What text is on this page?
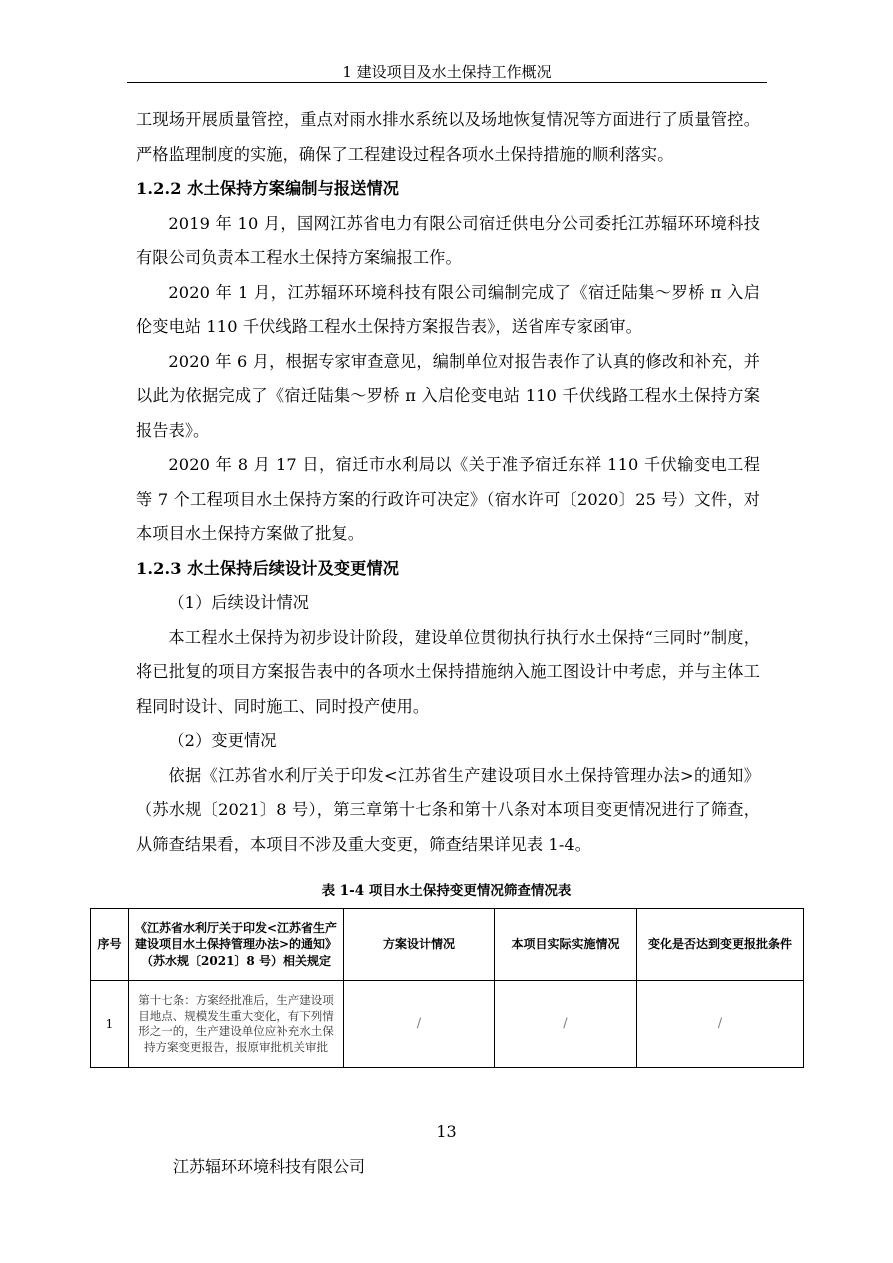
1 建设项目及水土保持工作概况

工现场开展质量管控，重点对雨水排水系统以及场地恢复情况等方面进行了质量管控。严格监理制度的实施，确保了工程建设过程各项水土保持措施的顺利落实。

1.2.2 水土保持方案编制与报送情况

2019 年 10 月，国网江苏省电力有限公司宿迁供电分公司委托江苏辐环环境科技有限公司负责本工程水土保持方案编报工作。

2020 年 1 月，江苏辐环环境科技有限公司编制完成了《宿迁陆集～罗桥 π 入启伦变电站 110 千伏线路工程水土保持方案报告表》，送省库专家函审。

2020 年 6 月，根据专家审查意见，编制单位对报告表作了认真的修改和补充，并以此为依据完成了《宿迁陆集～罗桥 π 入启伦变电站 110 千伏线路工程水土保持方案报告表》。

2020 年 8 月 17 日，宿迁市水利局以《关于准予宿迁东祥 110 千伏输变电工程等 7 个工程项目水土保持方案的行政许可决定》（宿水许可〔2020〕25 号）文件，对本项目水土保持方案做了批复。

1.2.3 水土保持后续设计及变更情况

（1）后续设计情况

本工程水土保持为初步设计阶段，建设单位贯彻执行执行水土保持“三同时”制度，将已批复的项目方案报告表中的各项水土保持措施纳入施工图设计中考虑，并与主体工程同时设计、同时施工、同时投产使用。

（2）变更情况

依据《江苏省水利厅关于印发<江苏省生产建设项目水土保持管理办法>的通知》（苏水规〔2021〕8 号），第三章第十七条和第十八条对本项目变更情况进行了筛查，从筛查结果看，本项目不涉及重大变更，筛查结果详见表 1-4。

表 1-4 项目水土保持变更情况筛查情况表
序号	《江苏省水利厅关于印发<江苏省生产建设项目水土保持管理办法>的通知》（苏水规〔2021〕8 号）相关规定	方案设计情况	本项目实际实施情况	变化是否达到变更报批条件
1	第十七条：方案经批准后，生产建设项目地点、规模发生重大变化，有下列情形之一的，生产建设单位应补充水土保持方案变更报告，报原审批机关审批	/	/	/
13
江苏辐环环境科技有限公司
